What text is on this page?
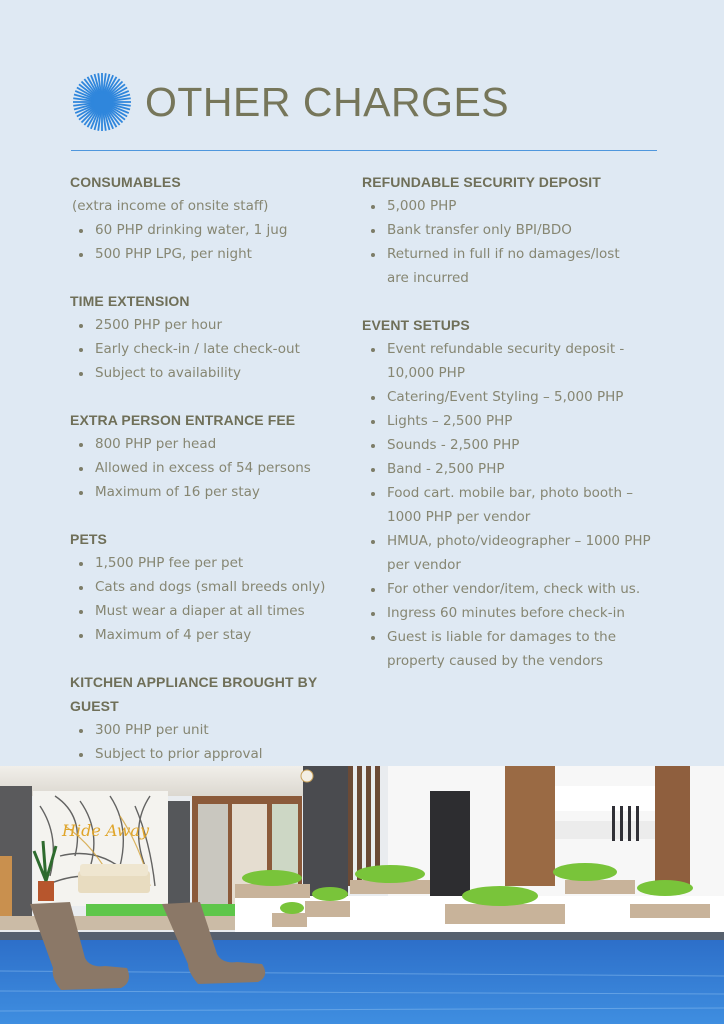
OTHER CHARGES
CONSUMABLES
(extra income of onsite staff)
60 PHP drinking water, 1 jug
500 PHP LPG, per night
TIME EXTENSION
2500 PHP per hour
Early check-in / late check-out
Subject to availability
EXTRA PERSON ENTRANCE FEE
800 PHP per head
Allowed in excess of 54 persons
Maximum of 16 per stay
PETS
1,500 PHP fee per pet
Cats and dogs (small breeds only)
Must wear a diaper at all times
Maximum of 4 per stay
KITCHEN APPLIANCE BROUGHT BY GUEST
300 PHP per unit
Subject to prior approval
REFUNDABLE SECURITY DEPOSIT
5,000 PHP
Bank transfer only BPI/BDO
Returned in full if no damages/lost are incurred
EVENT SETUPS
Event refundable security deposit - 10,000 PHP
Catering/Event Styling – 5,000 PHP
Lights – 2,500 PHP
Sounds - 2,500 PHP
Band - 2,500 PHP
Food cart. mobile bar, photo booth – 1000 PHP per vendor
HMUA, photo/videographer – 1000 PHP per vendor
For other vendor/item, check with us.
Ingress 60 minutes before check-in
Guest is liable for damages to the property caused by the vendors
Hide Away
